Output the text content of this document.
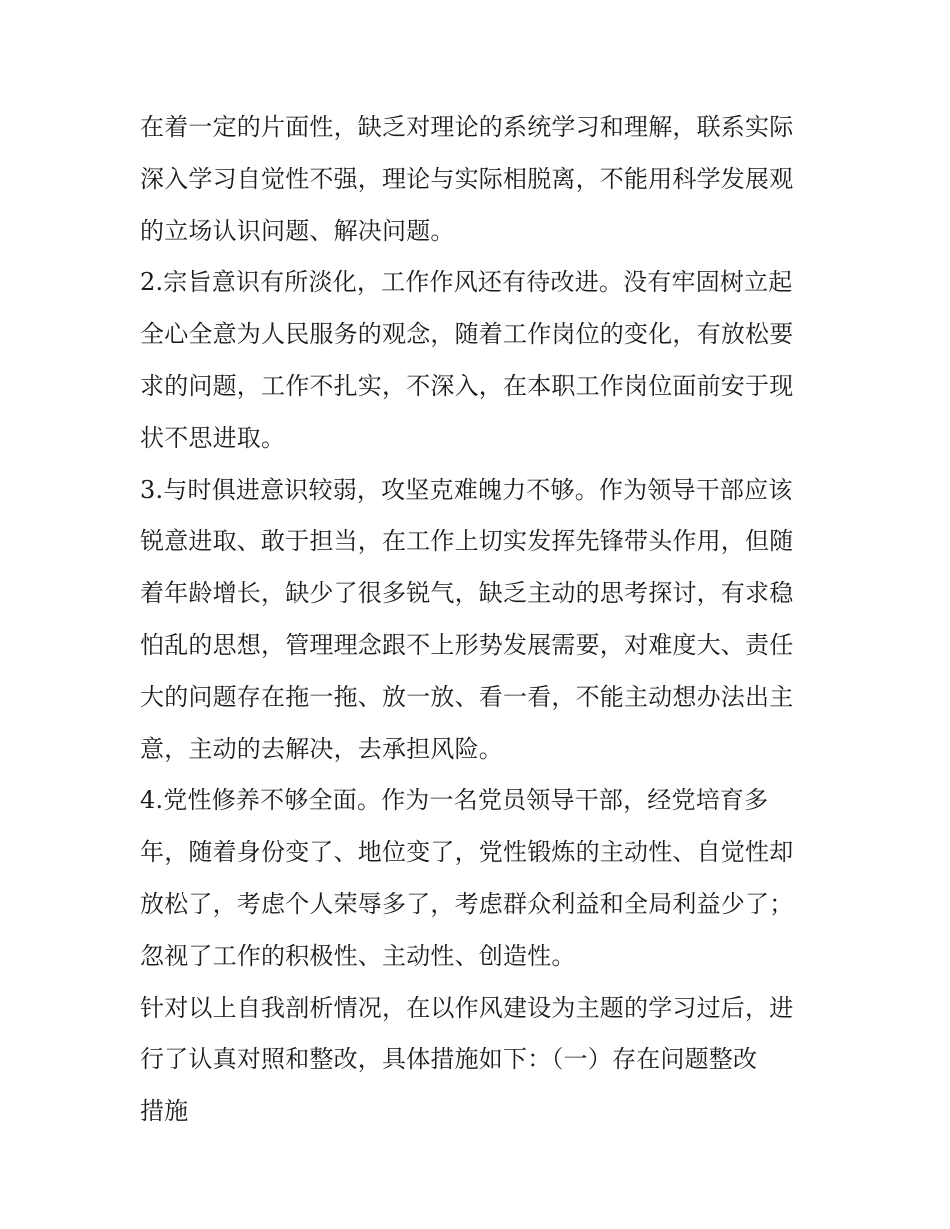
在着一定的片面性，缺乏对理论的系统学习和理解，联系实际
深入学习自觉性不强，理论与实际相脱离，不能用科学发展观
的立场认识问题、解决问题。
2.宗旨意识有所淡化，工作作风还有待改进。没有牢固树立起
全心全意为人民服务的观念，随着工作岗位的变化，有放松要
求的问题，工作不扎实，不深入，在本职工作岗位面前安于现
状不思进取。
3.与时俱进意识较弱，攻坚克难魄力不够。作为领导干部应该
锐意进取、敢于担当，在工作上切实发挥先锋带头作用，但随
着年龄增长，缺少了很多锐气，缺乏主动的思考探讨，有求稳
怕乱的思想，管理理念跟不上形势发展需要，对难度大、责任
大的问题存在拖一拖、放一放、看一看，不能主动想办法出主
意，主动的去解决，去承担风险。
4.党性修养不够全面。作为一名党员领导干部，经党培育多
年，随着身份变了、地位变了，党性锻炼的主动性、自觉性却
放松了，考虑个人荣辱多了，考虑群众利益和全局利益少了；
忽视了工作的积极性、主动性、创造性。
针对以上自我剖析情况，在以作风建设为主题的学习过后，进
行了认真对照和整改，具体措施如下：（一）存在问题整改
措施
